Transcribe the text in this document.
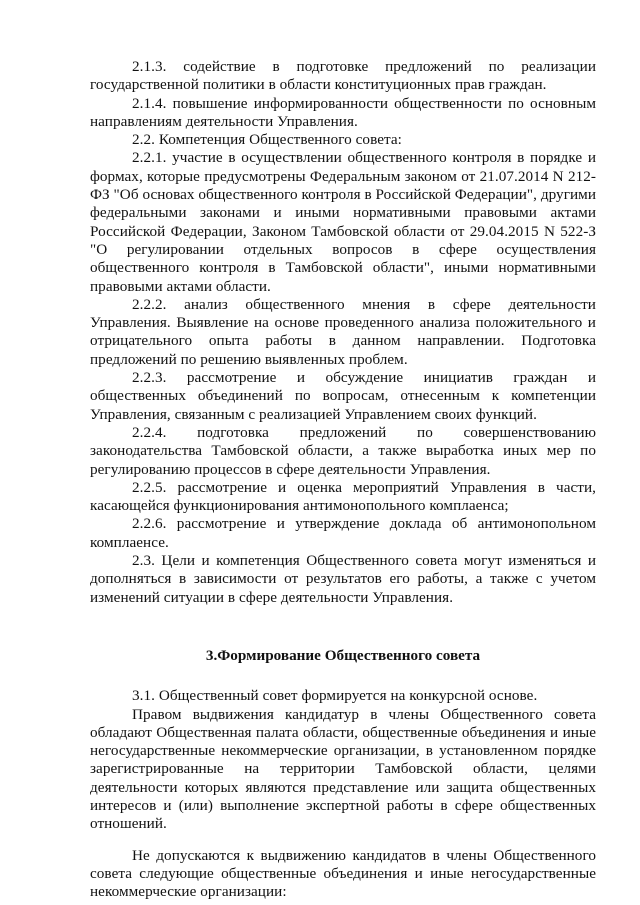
2.1.3. содействие в подготовке предложений по реализации государственной политики в области конституционных прав граждан.

2.1.4. повышение информированности общественности по основным направлениям деятельности Управления.

2.2. Компетенция Общественного совета:

2.2.1. участие в осуществлении общественного контроля в порядке и формах, которые предусмотрены Федеральным законом от 21.07.2014 N 212-ФЗ "Об основах общественного контроля в Российской Федерации", другими федеральными законами и иными нормативными правовыми актами Российской Федерации, Законом Тамбовской области от 29.04.2015 N 522-З "О регулировании отдельных вопросов в сфере осуществления общественного контроля в Тамбовской области", иными нормативными правовыми актами области.

2.2.2. анализ общественного мнения в сфере деятельности Управления. Выявление на основе проведенного анализа положительного и отрицательного опыта работы в данном направлении. Подготовка предложений по решению выявленных проблем.

2.2.3. рассмотрение и обсуждение инициатив граждан и общественных объединений по вопросам, отнесенным к компетенции Управления, связанным с реализацией Управлением своих функций.

2.2.4. подготовка предложений по совершенствованию законодательства Тамбовской области, а также выработка иных мер по регулированию процессов в сфере деятельности Управления.

2.2.5. рассмотрение и оценка мероприятий Управления в части, касающейся функционирования антимонопольного комплаенса;

2.2.6. рассмотрение и утверждение доклада об антимонопольном комплаенсе.

2.3. Цели и компетенция Общественного совета могут изменяться и дополняться в зависимости от результатов его работы, а также с учетом изменений ситуации в сфере деятельности Управления.

3.Формирование Общественного совета

3.1. Общественный совет формируется на конкурсной основе.

Правом выдвижения кандидатур в члены Общественного совета обладают Общественная палата области, общественные объединения и иные негосударственные некоммерческие организации, в установленном порядке зарегистрированные на территории Тамбовской области, целями деятельности которых являются представление или защита общественных интересов и (или) выполнение экспертной работы в сфере общественных отношений.

Не допускаются к выдвижению кандидатов в члены Общественного совета следующие общественные объединения и иные негосударственные некоммерческие организации:
